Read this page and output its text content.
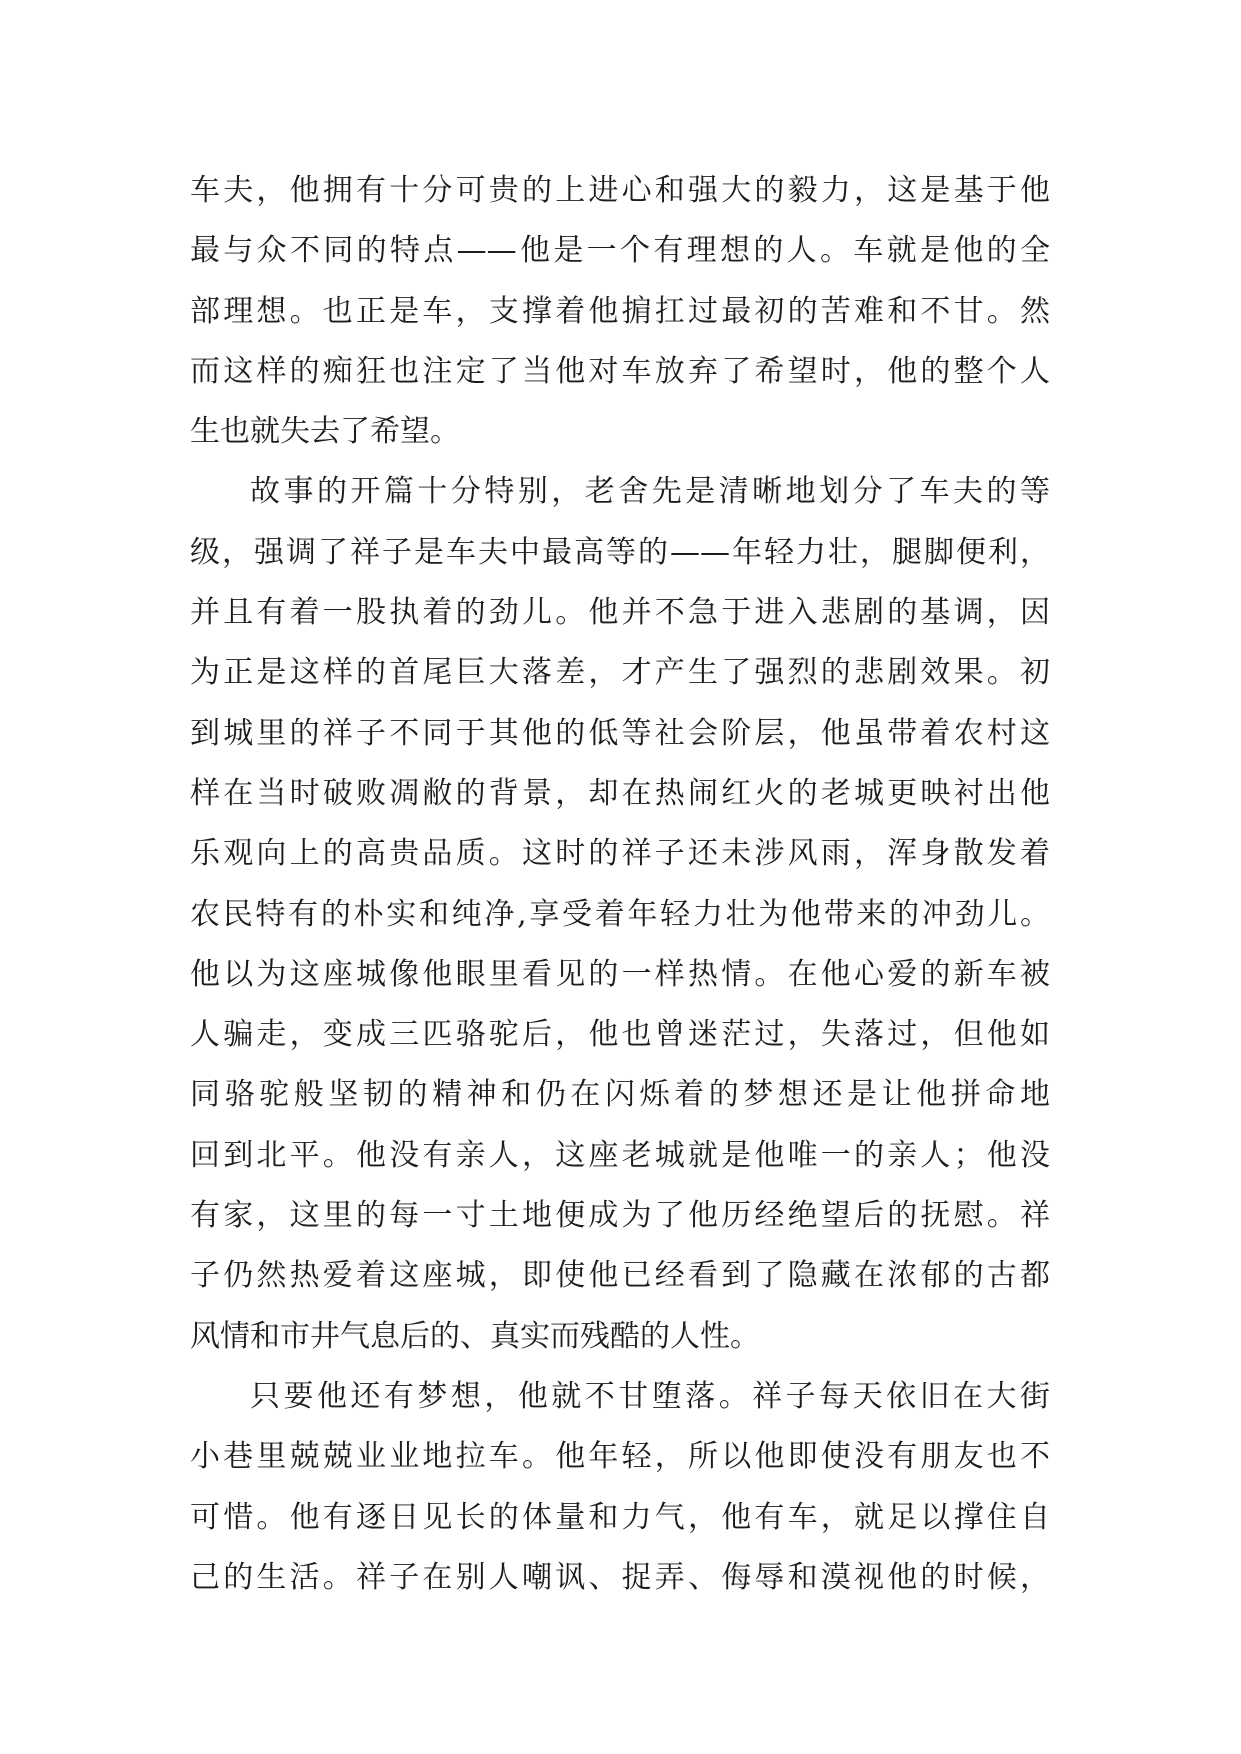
车夫，他拥有十分可贵的上进心和强大的毅力，这是基于他
最与众不同的特点——他是一个有理想的人。车就是他的全
部理想。也正是车，支撑着他掮扛过最初的苦难和不甘。然
而这样的痴狂也注定了当他对车放弃了希望时，他的整个人
生也就失去了希望。
故事的开篇十分特别，老舍先是清晰地划分了车夫的等
级，强调了祥子是车夫中最高等的——年轻力壮，腿脚便利，
并且有着一股执着的劲儿。他并不急于进入悲剧的基调，因
为正是这样的首尾巨大落差，才产生了强烈的悲剧效果。初
到城里的祥子不同于其他的低等社会阶层，他虽带着农村这
样在当时破败凋敝的背景，却在热闹红火的老城更映衬出他
乐观向上的高贵品质。这时的祥子还未涉风雨，浑身散发着
农民特有的朴实和纯净,享受着年轻力壮为他带来的冲劲儿。
他以为这座城像他眼里看见的一样热情。在他心爱的新车被
人骗走，变成三匹骆驼后，他也曾迷茫过，失落过，但他如
同骆驼般坚韧的精神和仍在闪烁着的梦想还是让他拼命地
回到北平。他没有亲人，这座老城就是他唯一的亲人；他没
有家，这里的每一寸土地便成为了他历经绝望后的抚慰。祥
子仍然热爱着这座城，即使他已经看到了隐藏在浓郁的古都
风情和市井气息后的、真实而残酷的人性。
只要他还有梦想，他就不甘堕落。祥子每天依旧在大街
小巷里兢兢业业地拉车。他年轻，所以他即使没有朋友也不
可惜。他有逐日见长的体量和力气，他有车，就足以撑住自
己的生活。祥子在别人嘲讽、捉弄、侮辱和漠视他的时候，
